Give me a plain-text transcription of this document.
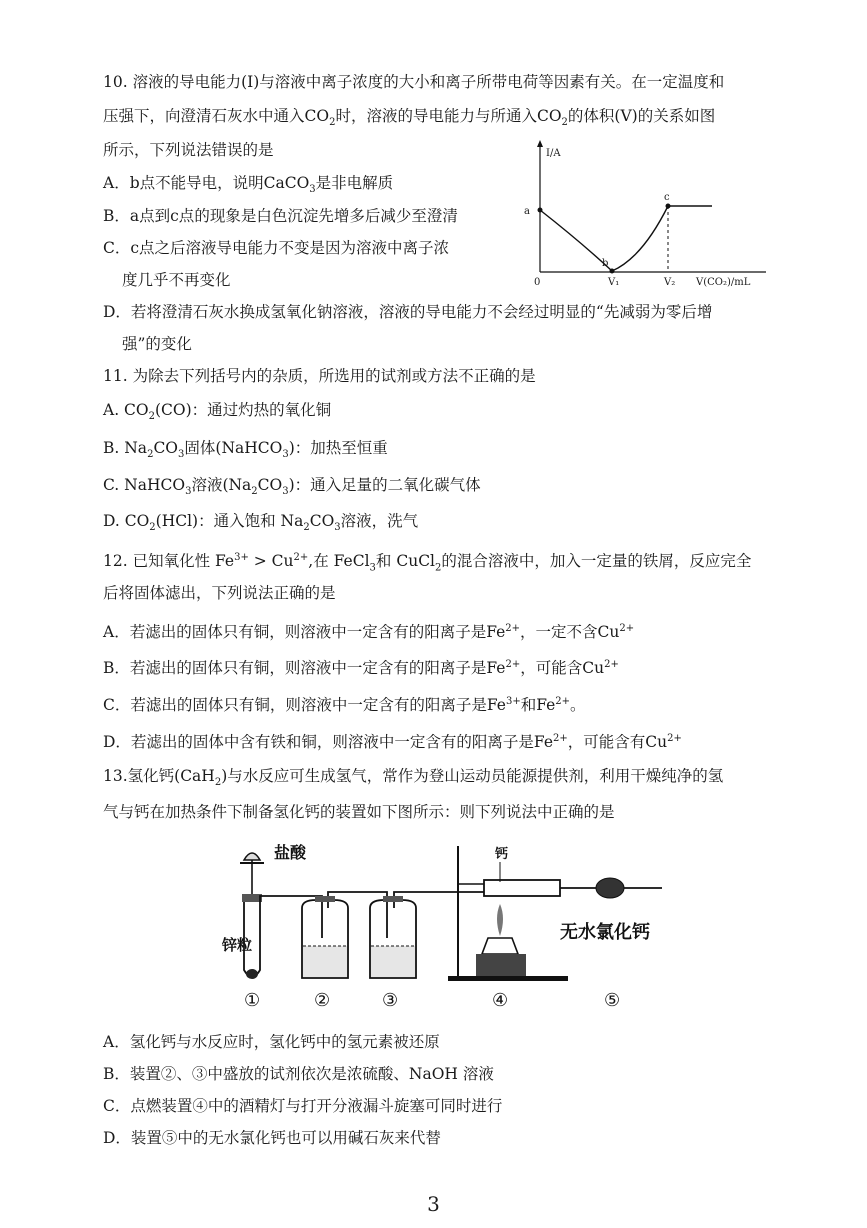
10. 溶液的导电能力(I)与溶液中离子浓度的大小和离子所带电荷等因素有关。在一定温度和
压强下，向澄清石灰水中通入$CO_2$时，溶液的导电能力与所通入$CO_2$的体积(V)的关系如图
所示，下列说法错误的是
A．b点不能导电，说明CaCO$_3$是非电解质
B．a点到c点的现象是白色沉淀先增多后减少至澄清
C．c点之后溶液导电能力不变是因为溶液中离子浓
度几乎不再变化
D．若将澄清石灰水换成氢氧化钠溶液，溶液的导电能力不会经过明显的“先减弱为零后增
强”的变化
I/A
V(CO₂)/mL
0
a
b
c
V₁	V₂
11. 为除去下列括号内的杂质，所选用的试剂或方法不正确的是
A. $CO_2(CO)$：通过灼热的氧化铜
B. $Na_2CO_3$固体(NaHCO$_3$)：加热至恒重
C. NaHCO$_3$溶液$(Na_2CO_3)$：通入足量的二氧化碳气体
D. $CO_2(HCl)$：通入饱和 $Na_2CO_3$溶液，洗气
12. 已知氧化性 $Fe^{3+} > Cu^{2+}$,在 FeCl$_3$和 CuCl$_2$的混合溶液中，加入一定量的铁屑，反应完全
后将固体滤出，下列说法正确的是
A．若滤出的固体只有铜，则溶液中一定含有的阳离子是$Fe^{2+}$，一定不含$Cu^{2+}$
B．若滤出的固体只有铜，则溶液中一定含有的阳离子是$Fe^{2+}$，可能含$Cu^{2+}$
C．若滤出的固体只有铜，则溶液中一定含有的阳离子是$Fe^{3+}$和$Fe^{2+}$。
D．若滤出的固体中含有铁和铜，则溶液中一定含有的阳离子是$Fe^{2+}$，可能含有$Cu^{2+}$
13.氢化钙(CaH$_2$)与水反应可生成氢气，常作为登山运动员能源提供剂，利用干燥纯净的氢
气与钙在加热条件下制备氢化钙的装置如下图所示：则下列说法中正确的是
盐酸
锌粒
钙
无水氯化钙
①	②	③	④	⑤
A．氢化钙与水反应时，氢化钙中的氢元素被还原
B．装置②、③中盛放的试剂依次是浓硫酸、NaOH 溶液
C．点燃装置④中的酒精灯与打开分液漏斗旋塞可同时进行
D．装置⑤中的无水氯化钙也可以用碱石灰来代替
3
